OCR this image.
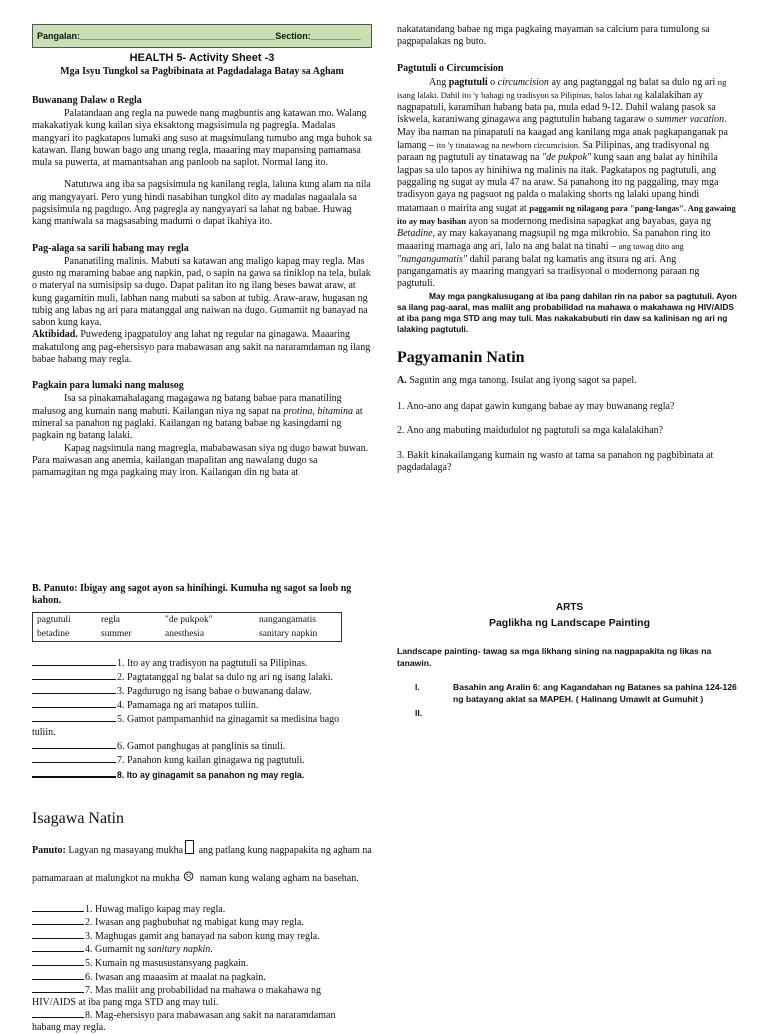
Pangalan:_______________________________________Section:__________
HEALTH 5- Activity Sheet -3
Mga Isyu Tungkol sa Pagbibinata at Pagdadalaga Batay sa Agham
Buwanang Dalaw o Regla

Palatandaan ang regla na puwede nang magbuntis ang katawan mo. Walang makakatiyak kung kailan siya eksaktong magsisimula ng pagregla. Madalas mangyari ito pagkatapos lumaki ang suso at magsimulang tumubo ang mga buhok sa katawan. Ilang buwan bago ang unang regla, maaaring may mapansing pamamasa mula sa puwerta, at mamantsahan ang panloob na saplot. Normal lang ito.

Natutuwa ang iba sa pagsisimula ng kanilang regla, laluna kung alam na nila ang mangyayari. Pero yung hindi nasabihan tungkol dito ay madalas nagaalala sa pagsisimula ng pagdugo. Ang pagregla ay nangyayari sa lahat ng babae. Huwag kang maniwala sa magsasabing madumi o dapat ikahiya ito.

Pag-alaga sa sarili habang may regla

Pananatiling malinis. Mabuti sa katawan ang maligo kapag may regla. Mas gusto ng maraming babae ang napkin, pad, o sapin na gawa sa tiniklop na tela, bulak o materyal na sumisipsip sa dugo. Dapat palitan ito ng ilang beses bawat araw, at kung gagamitin muli, labhan nang mabuti sa sabon at tubig. Araw-araw, hugasan ng tubig ang labas ng ari para matanggal ang naiwan na dugo. Gumamit ng banayad na sabon kung kaya.

Aktibidad. Puwedeng ipagpatuloy ang lahat ng regular na ginagawa. Maaaring makatulong ang pag-ehersisyo para mabawasan ang sakit na nararamdaman ng ilang babae habang may regla.

Pagkain para lumaki nang malusog

Isa sa pinakamahalagang magagawa ng batang babae para manatiling malusog ang kumain nang mabuti. Kailangan niya ng sapat na protina, bitamina at mineral sa panahon ng paglaki. Kailangan ng batang babae ng kasingdami ng pagkain ng batang lalaki.

Kapag nagsimula nang magregla, mababawasan siya ng dugo bawat buwan. Para maiwasan ang anemia, kailangan mapalitan ang nawalang dugo sa pamamagitan ng mga pagkaing may iron. Kailangan din ng bata at

nakatatandang babae ng mga pagkaing mayaman sa calcium para tumulong sa pagpapalakas ng buto.

Pagtutuli o Circumcision

Ang pagtutuli o circumcision ay ang pagtanggal ng balat sa dulo ng ari ng isang lalaki. Dahil ito 'y bahagi ng tradisyon sa Pilipinas, halos lahat ng kalalakihan ay nagpapatuli, karamihan habang bata pa, mula edad 9-12. Dahil walang pasok sa iskwela, karaniwang ginagawa ang pagtutulin habang tagaraw o summer vacation. May iba naman na pinapatuli na kaagad ang kanilang mga anak pagkapanganak pa lamang – ito 'y tinatawag na newborn circumcision. Sa Pilipinas, ang tradisyonal ng paraan ng pagtutuli ay tinatawag na "de pukpok" kung saan ang balat ay hinihila lagpas sa ulo tapos ay hinihiwa ng malinis na itak. Pagkatapos ng pagtutuli, ang paggaling ng sugat ay mula 47 na araw. Sa panahong ito ng paggaling, may mga tradisyon gaya ng pagsuot ng palda o malaking shorts ng lalaki upang hindi matamaan o mairita ang sugat at paggamit ng nilagang para "pang-langas". Ang gawaing ito ay may basihan ayon sa modernong medisina sapagkat ang bayabas, gaya ng Betadine, ay may kakayanang magsupil ng mga mikrobio. Sa panahon ring ito maaaring mamaga ang ari, lalo na ang balat na tinahi – ang tawag dito ang "nangangamatis" dahil parang balat ng kamatis ang itsura ng ari. Ang pangangamatis ay maaring mangyari sa tradisyonal o modernong paraan ng pagtutuli.

May mga pangkalusugang at iba pang dahilan rin na pabor sa pagtutuli. Ayon sa ilang pag-aaral, mas maliit ang probabilidad na mahawa o makahawa ng HIV/AIDS at iba pang mga STD ang may tuli. Mas nakakabubuti rin daw sa kalinisan ng ari ng lalaking pagtutuli.

Pagyamanin Natin

A. Sagutin ang mga tanong. Isulat ang iyong sagot sa papel.

1. Ano-ano ang dapat gawin kungang babae ay may buwanang regla?
2. Ano ang mabuting maidudulot ng pagtutuli sa mga kalalakihan?
3. Bakit kinakailangang kumain ng wasto at tama sa panahon ng pagbibinata at pagdadalaga?

B. Panuto: Ibigay ang sagot ayon sa hinihingi. Kumuha ng sagot sa loob ng kahon.

pagtutuli	regla	"de pukpok"	nangangamatis
betadine	summer	anesthesia	sanitary napkin

1. Ito ay ang tradisyon na pagtutuli sa Pilipinas.

2. Pagtatanggal ng balat sa dulo ng ari ng isang lalaki.

3. Pagdurugo ng isang babae o buwanang dalaw.

4. Pamamaga ng ari matapos tuliin.

5. Gamot pampamanhid na ginagamit sa medisina bago

tuliin.

6. Gamot panghugas at panglinis sa tinuli.

7. Panahon kung kailan ginagawa ng pagtutuli.

8. Ito ay ginagamit sa panahon ng may regla.

Isagawa Natin

Panuto: Lagyan ng masayang mukha ang patlang kung nagpapakita ng agham na pamamaraan at malungkot na mukha ☹ naman kung walang agham na basehan.

1. Huwag maligo kapag may regla.

2. Iwasan ang pagbubuhat ng mabigat kung may regla.

3. Maghugas gamit ang banayad na sabon kung may regla.

4. Gumamit ng sanitary napkin.

5. Kumain ng masusustansyang pagkain.

6. Iwasan ang maaasim at maalat na pagkain.

7. Mas maliit ang probabilidad na mahawa o makahawa ng

HIV/AIDS at iba pang mga STD ang may tuli.

8. Mag-ehersisyo para mabawasan ang sakit na nararamdaman

habang may regla.

ARTS
Paglikha ng Landscape Painting
Landscape painting- tawag sa mga likhang sining na nagpapakita ng likas na tanawin.
I.	Basahin ang Aralin 6: ang Kagandahan ng Batanes sa pahina 124-126 ng batayang aklat sa MAPEH. ( Halinang Umawit at Gumuhit )
II.
